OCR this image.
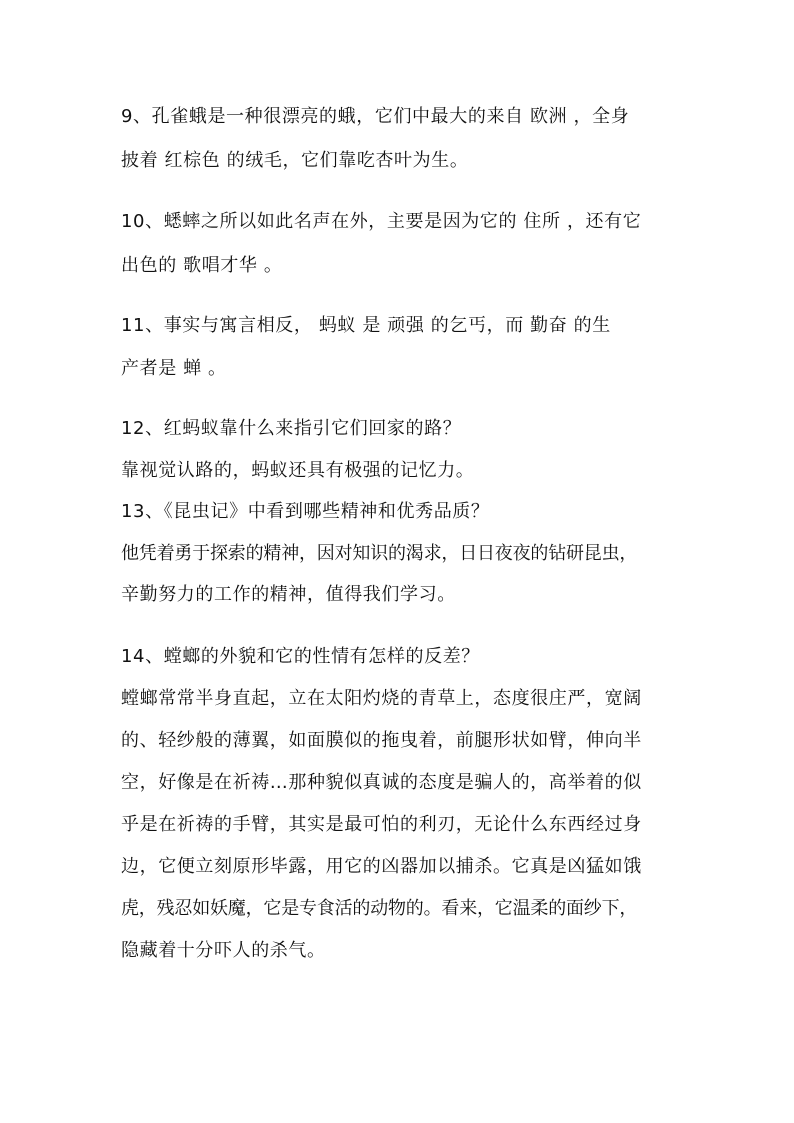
9、孔雀蛾是一种很漂亮的蛾，它们中最大的来自 欧洲 ，全身
披着 红棕色 的绒毛，它们靠吃杏叶为生。
10、蟋蟀之所以如此名声在外，主要是因为它的 住所 ，还有它
出色的 歌唱才华 。
11、事实与寓言相反， 蚂蚁 是 顽强 的乞丐，而 勤奋 的生
产者是 蝉 。
12、红蚂蚁靠什么来指引它们回家的路？
靠视觉认路的，蚂蚁还具有极强的记忆力。
13、《昆虫记》中看到哪些精神和优秀品质？
他凭着勇于探索的精神，因对知识的渴求，日日夜夜的钻研昆虫，
辛勤努力的工作的精神，值得我们学习。
14、螳螂的外貌和它的性情有怎样的反差？
螳螂常常半身直起，立在太阳灼烧的青草上，态度很庄严，宽阔
的、轻纱般的薄翼，如面膜似的拖曳着，前腿形状如臂，伸向半
空，好像是在祈祷…那种貌似真诚的态度是骗人的，高举着的似
乎是在祈祷的手臂，其实是最可怕的利刃，无论什么东西经过身
边，它便立刻原形毕露，用它的凶器加以捕杀。它真是凶猛如饿
虎，残忍如妖魔，它是专食活的动物的。看来，它温柔的面纱下，
隐藏着十分吓人的杀气。
